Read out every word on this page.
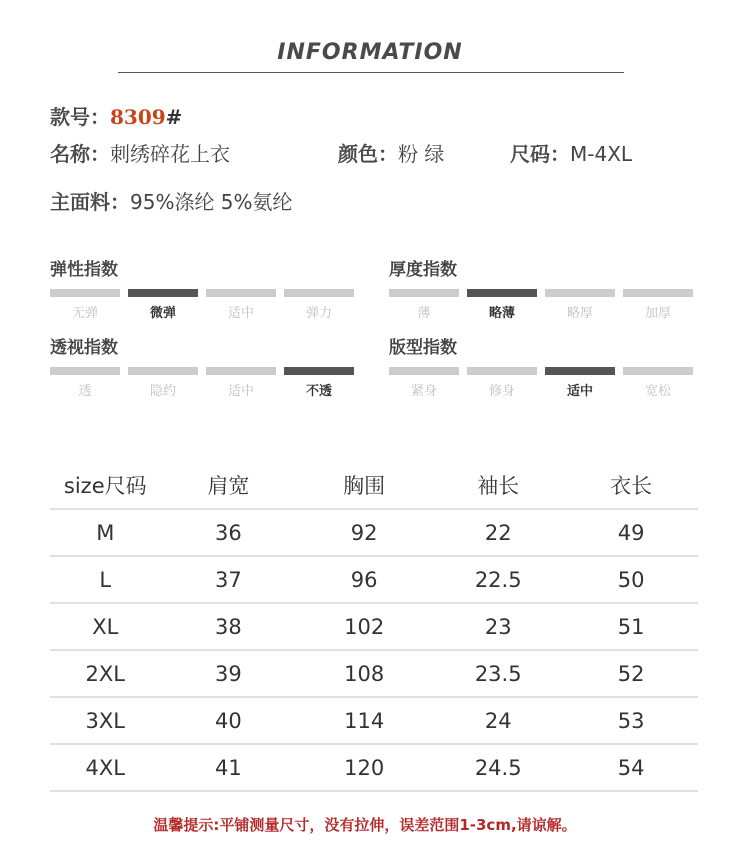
INFORMATION
款号：8309#
名称：刺绣碎花上衣	颜色：粉 绿	尺码：M-4XL
主面料：95%涤纶 5%氨纶
弹性指数
无弹	微弹	适中	弹力
厚度指数
薄	略薄	略厚	加厚
透视指数
透	隐约	适中	不透
版型指数
紧身	修身	适中	宽松
size尺码	肩宽	胸围	袖长	衣长
M	36	92	22	49
L	37	96	22.5	50
XL	38	102	23	51
2XL	39	108	23.5	52
3XL	40	114	24	53
4XL	41	120	24.5	54
温馨提示:平铺测量尺寸，没有拉伸，误差范围1-3cm,请谅解。
